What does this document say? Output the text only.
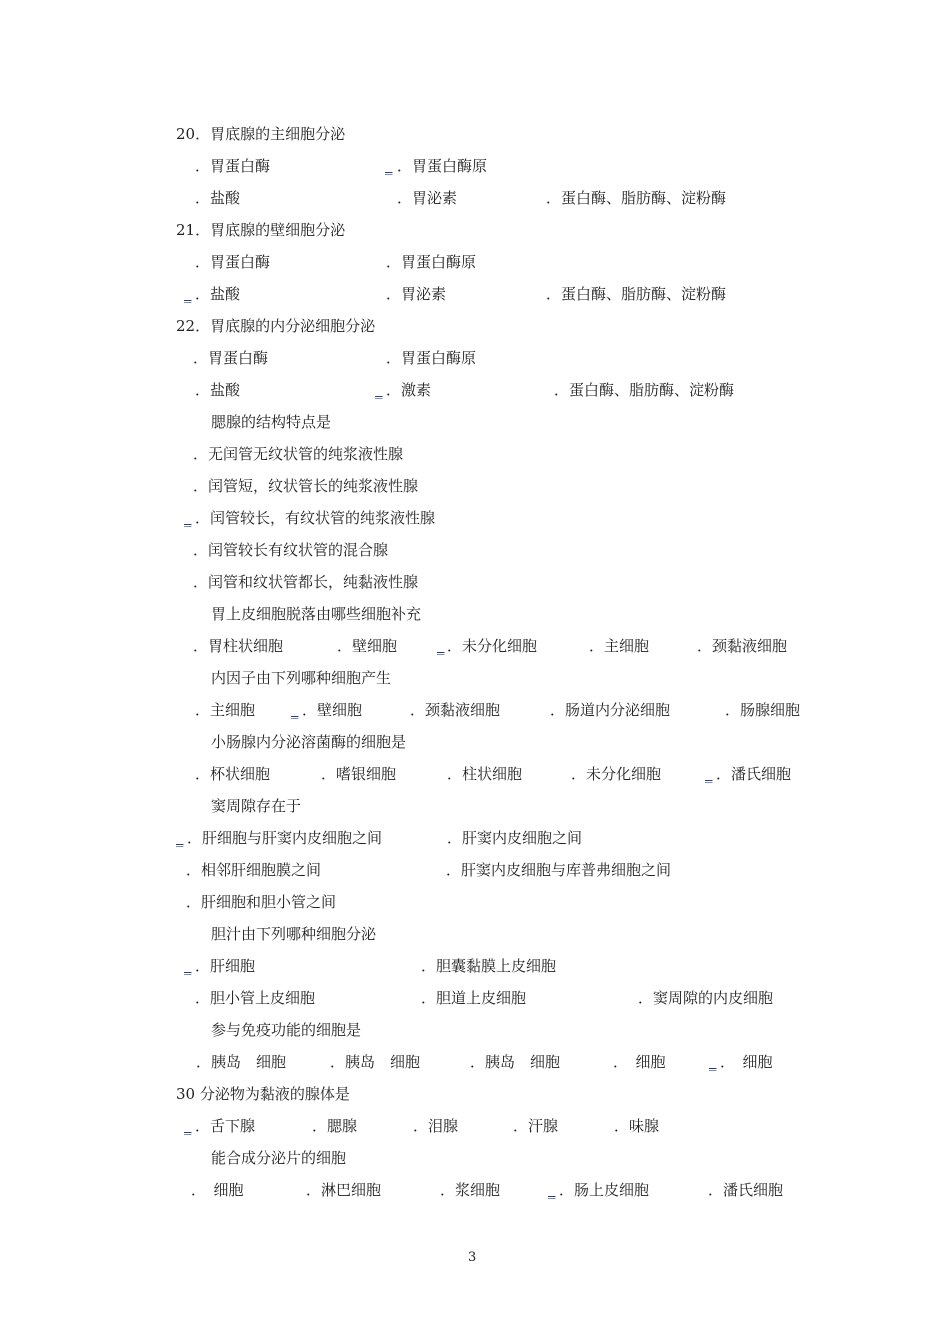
20．胃底腺的主细胞分泌
．胃蛋白酶	_ ．胃蛋白酶原
．盐酸	．胃泌素	．蛋白酶、脂肪酶、淀粉酶
21．胃底腺的壁细胞分泌
．胃蛋白酶	．胃蛋白酶原
_ ．盐酸	．胃泌素	．蛋白酶、脂肪酶、淀粉酶
22．胃底腺的内分泌细胞分泌
．胃蛋白酶	．胃蛋白酶原
．盐酸	_ ．激素	．蛋白酶、脂肪酶、淀粉酶
腮腺的结构特点是
．无闰管无纹状管的纯浆液性腺
．闰管短，纹状管长的纯浆液性腺
_ ．闰管较长，有纹状管的纯浆液性腺
．闰管较长有纹状管的混合腺
．闰管和纹状管都长，纯黏液性腺
胃上皮细胞脱落由哪些细胞补充
．胃柱状细胞	．壁细胞	_ ．未分化细胞	．主细胞	．颈黏液细胞
内因子由下列哪种细胞产生
．主细胞 _ ．壁细胞	．颈黏液细胞	．肠道内分泌细胞	．肠腺细胞
小肠腺内分泌溶菌酶的细胞是
．杯状细胞	．嗜银细胞	．柱状细胞	．未分化细胞	_ ．潘氏细胞
窦周隙存在于
_ ．肝细胞与肝窦内皮细胞之间	．肝窦内皮细胞之间
．相邻肝细胞膜之间	．肝窦内皮细胞与库普弗细胞之间
．肝细胞和胆小管之间
胆汁由下列哪种细胞分泌
_ ．肝细胞	．胆囊黏膜上皮细胞
．胆小管上皮细胞	．胆道上皮细胞	．窦周隙的内皮细胞
参与免疫功能的细胞是
．胰岛　细胞	．胰岛　细胞	．胰岛　细胞	．　细胞	_ ．　细胞
30 分泌物为黏液的腺体是
_ ．舌下腺	．腮腺	．泪腺	．汗腺	．味腺
能合成分泌片的细胞
．　细胞	．淋巴细胞	．浆细胞	_ ．肠上皮细胞	．潘氏细胞
3
